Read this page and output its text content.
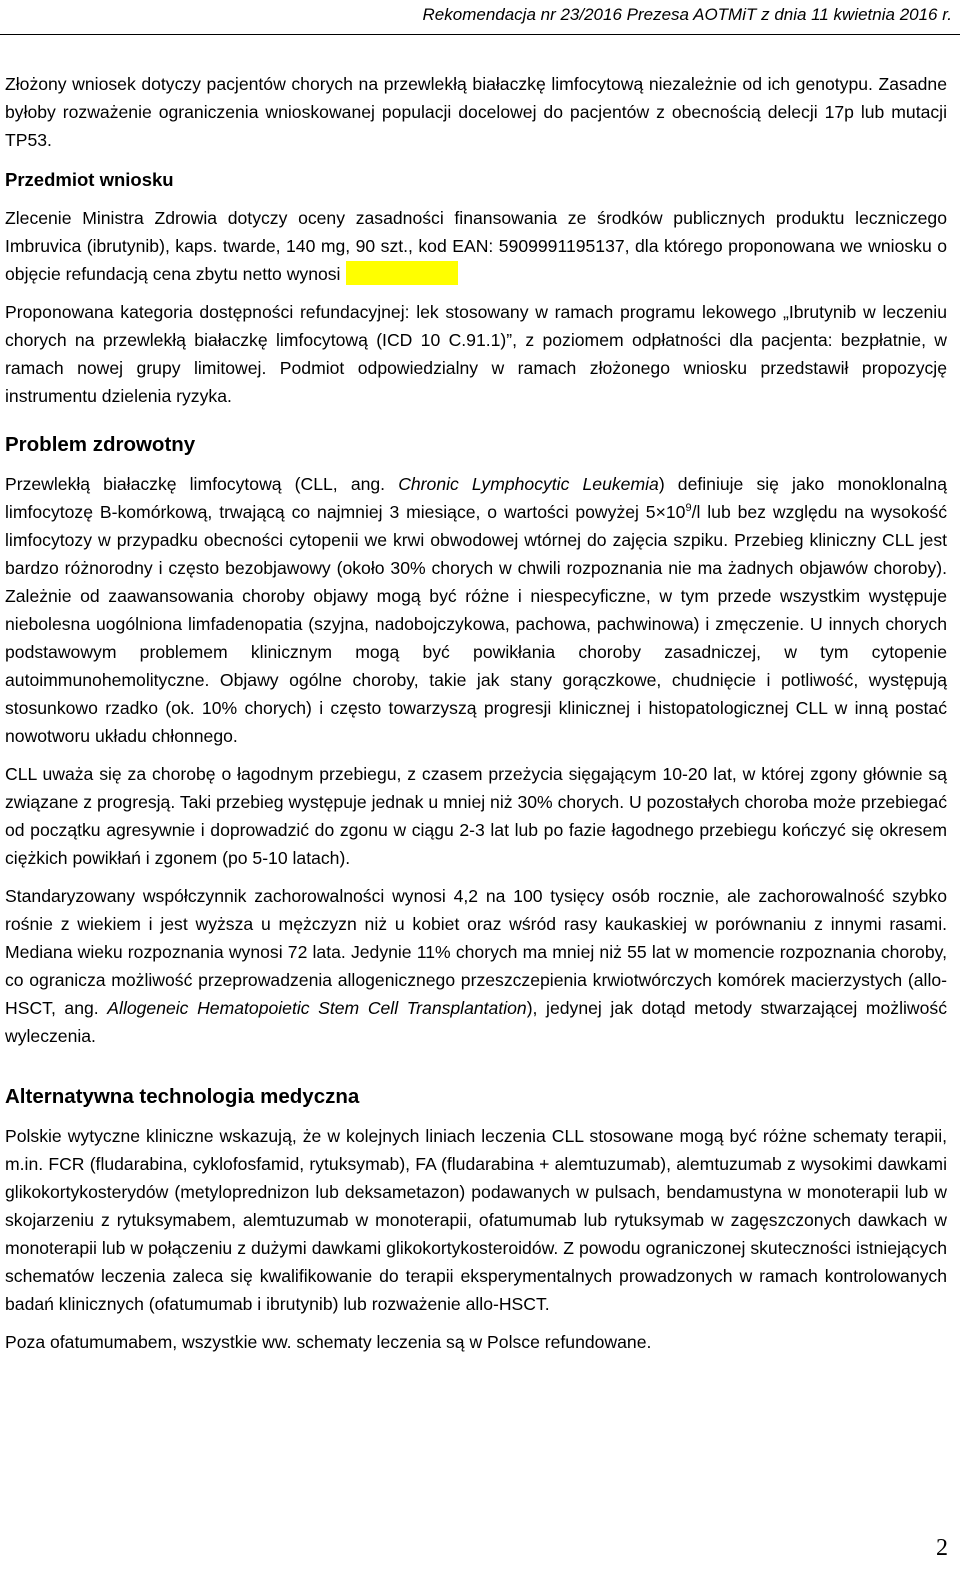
Rekomendacja nr 23/2016 Prezesa AOTMiT z dnia 11 kwietnia 2016 r.

Złożony wniosek dotyczy pacjentów chorych na przewlekłą białaczkę limfocytową niezależnie od ich genotypu. Zasadne byłoby rozważenie ograniczenia wnioskowanej populacji docelowej do pacjentów z obecnością delecji 17p lub mutacji TP53.

Przedmiot wniosku

Zlecenie Ministra Zdrowia dotyczy oceny zasadności finansowania ze środków publicznych produktu leczniczego Imbruvica (ibrutynib), kaps. twarde, 140 mg, 90 szt., kod EAN: 5909991195137, dla którego proponowana we wniosku o objęcie refundacją cena zbytu netto wynosi

Proponowana kategoria dostępności refundacyjnej: lek stosowany w ramach programu lekowego „Ibrutynib w leczeniu chorych na przewlekłą białaczkę limfocytową (ICD 10 C.91.1)”, z poziomem odpłatności dla pacjenta: bezpłatnie, w ramach nowej grupy limitowej. Podmiot odpowiedzialny w ramach złożonego wniosku przedstawił propozycję instrumentu dzielenia ryzyka.

Problem zdrowotny

Przewlekłą białaczkę limfocytową (CLL, ang. Chronic Lymphocytic Leukemia) definiuje się jako monoklonalną limfocytozę B-komórkową, trwającą co najmniej 3 miesiące, o wartości powyżej $5\times 10^9/l$ lub bez względu na wysokość limfocytozy w przypadku obecności cytopenii we krwi obwodowej wtórnej do zajęcia szpiku. Przebieg kliniczny CLL jest bardzo różnorodny i często bezobjawowy (około 30% chorych w chwili rozpoznania nie ma żadnych objawów choroby). Zależnie od zaawansowania choroby objawy mogą być różne i niespecyficzne, w tym przede wszystkim występuje niebolesna uogólniona limfadenopatia (szyjna, nadobojczykowa, pachowa, pachwinowa) i zmęczenie. U innych chorych podstawowym problemem klinicznym mogą być powikłania choroby zasadniczej, w tym cytopenie autoimmunohemolityczne. Objawy ogólne choroby, takie jak stany gorączkowe, chudnięcie i potliwość, występują stosunkowo rzadko (ok. 10% chorych) i często towarzyszą progresji klinicznej i histopatologicznej CLL w inną postać nowotworu układu chłonnego.

CLL uważa się za chorobę o łagodnym przebiegu, z czasem przeżycia sięgającym 10-20 lat, w której zgony głównie są związane z progresją. Taki przebieg występuje jednak u mniej niż 30% chorych. U pozostałych choroba może przebiegać od początku agresywnie i doprowadzić do zgonu w ciągu 2-3 lat lub po fazie łagodnego przebiegu kończyć się okresem ciężkich powikłań i zgonem (po 5-10 latach).

Standaryzowany współczynnik zachorowalności wynosi 4,2 na 100 tysięcy osób rocznie, ale zachorowalność szybko rośnie z wiekiem i jest wyższa u mężczyzn niż u kobiet oraz wśród rasy kaukaskiej w porównaniu z innymi rasami. Mediana wieku rozpoznania wynosi 72 lata. Jedynie 11% chorych ma mniej niż 55 lat w momencie rozpoznania choroby, co ogranicza możliwość przeprowadzenia allogenicznego przeszczepienia krwiotwórczych komórek macierzystych (allo-HSCT, ang. Allogeneic Hematopoietic Stem Cell Transplantation), jedynej jak dotąd metody stwarzającej możliwość wyleczenia.

Alternatywna technologia medyczna

Polskie wytyczne kliniczne wskazują, że w kolejnych liniach leczenia CLL stosowane mogą być różne schematy terapii, m.in. FCR (fludarabina, cyklofosfamid, rytuksymab), FA (fludarabina + alemtuzumab), alemtuzumab z wysokimi dawkami glikokortykosterydów (metyloprednizon lub deksametazon) podawanych w pulsach, bendamustyna w monoterapii lub w skojarzeniu z rytuksymabem, alemtuzumab w monoterapii, ofatumumab lub rytuksymab w zagęszczonych dawkach w monoterapii lub w połączeniu z dużymi dawkami glikokortykosteroidów. Z powodu ograniczonej skuteczności istniejących schematów leczenia zaleca się kwalifikowanie do terapii eksperymentalnych prowadzonych w ramach kontrolowanych badań klinicznych (ofatumumab i ibrutynib) lub rozważenie allo-HSCT.

Poza ofatumumabem, wszystkie ww. schematy leczenia są w Polsce refundowane.

2
